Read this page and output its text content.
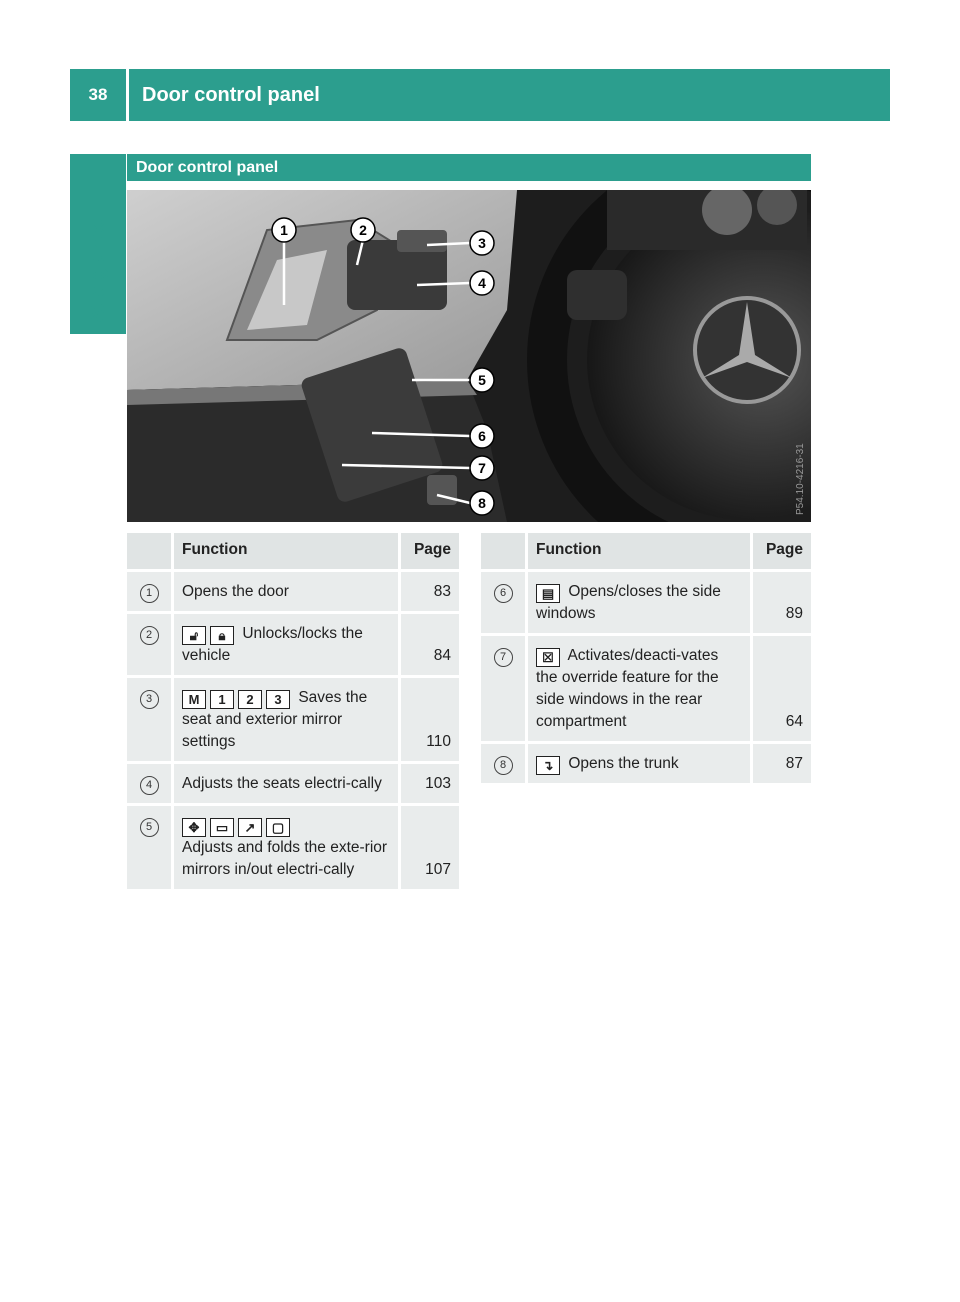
38	Door control panel
At a glance
Door control panel
1	2
3
4
5
6
7
8	P54.10-4216-31
	Function	Page
1	Opens the door	83
2	🔓︎ 🔒︎ Unlocks/locks the vehicle	84
3	M 1 2 3 Saves the seat and exterior mirror settings	110
4	Adjusts the seats electri-cally	103
5	✥ ▭ ↗ ▢
Adjusts and folds the exte-rior mirrors in/out electri-cally	107
	Function	Page
6	▤ Opens/closes the side windows	89
7	☒ Activates/deacti-vates the override feature for the side windows in the rear compartment	64
8	↴ Opens the trunk	87
